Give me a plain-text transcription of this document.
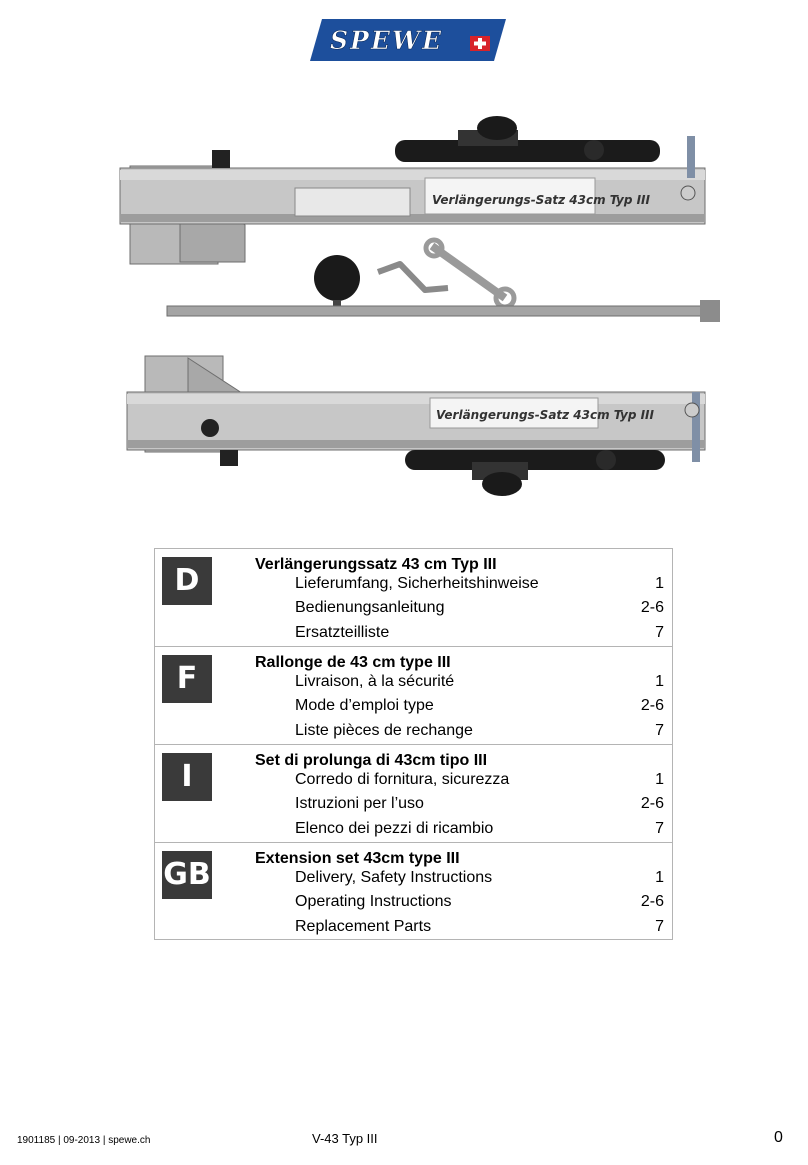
SPEWE
Verlängerungs-Satz 43cm Typ III
Verlängerungs-Satz 43cm Typ III
D	Verlängerungssatz 43 cm Typ III
Lieferumfang, Sicherheitshinweise	1
Bedienungsanleitung	2-6
Ersatzteilliste	7
F	Rallonge de 43 cm type III
Livraison, à la sécurité	1
Mode d’emploi type	2-6
Liste pièces de rechange	7
I	Set di prolunga di 43cm tipo III
Corredo di fornitura, sicurezza	1
Istruzioni per l’uso	2-6
Elenco dei pezzi di ricambio	7
GB	Extension set 43cm type III
Delivery, Safety Instructions	1
Operating Instructions	2-6
Replacement Parts	7
1901185 | 09-2013 | spewe.ch	V-43 Typ III	0
